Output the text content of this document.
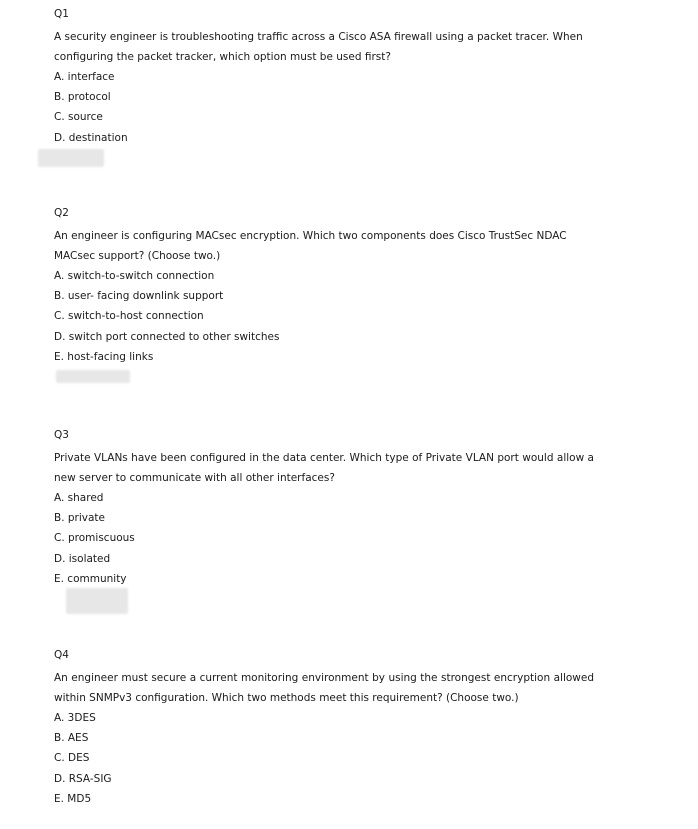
Q1
A security engineer is troubleshooting traffic across a Cisco ASA firewall using a packet tracer. When configuring the packet tracker, which option must be used first?
A. interface
B. protocol
C. source
D. destination
Q2
An engineer is configuring MACsec encryption. Which two components does Cisco TrustSec NDAC MACsec support? (Choose two.)
A. switch-to-switch connection
B. user- facing downlink support
C. switch-to-host connection
D. switch port connected to other switches
E. host-facing links
Q3
Private VLANs have been configured in the data center. Which type of Private VLAN port would allow a new server to communicate with all other interfaces?
A. shared
B. private
C. promiscuous
D. isolated
E. community
Q4
An engineer must secure a current monitoring environment by using the strongest encryption allowed within SNMPv3 configuration. Which two methods meet this requirement? (Choose two.)
A. 3DES
B. AES
C. DES
D. RSA-SIG
E. MD5
